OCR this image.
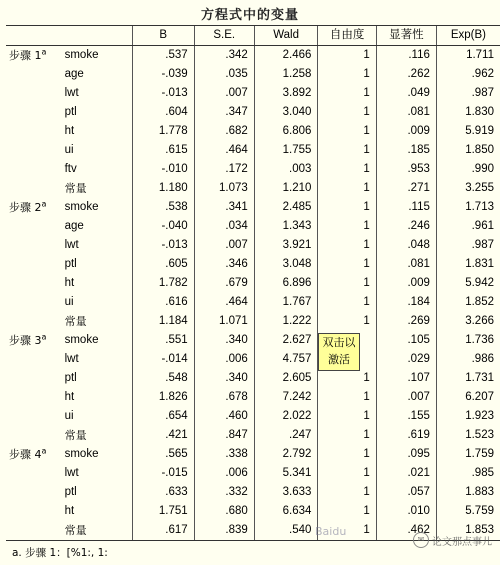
方程式中的变量
		B	S.E.	Wald	自由度	显著性	Exp(B)
步骤 1$^a$	smoke	.537	.342	2.466	1	.116	1.711
	age	-.039	.035	1.258	1	.262	.962
	lwt	-.013	.007	3.892	1	.049	.987
	ptl	.604	.347	3.040	1	.081	1.830
	ht	1.778	.682	6.806	1	.009	5.919
	ui	.615	.464	1.755	1	.185	1.850
	ftv	-.010	.172	.003	1	.953	.990
	常量	1.180	1.073	1.210	1	.271	3.255
步骤 2$^a$	smoke	.538	.341	2.485	1	.115	1.713
	age	-.040	.034	1.343	1	.246	.961
	lwt	-.013	.007	3.921	1	.048	.987
	ptl	.605	.346	3.048	1	.081	1.831
	ht	1.782	.679	6.896	1	.009	5.942
	ui	.616	.464	1.767	1	.184	1.852
	常量	1.184	1.071	1.222	1	.269	3.266
步骤 3$^a$	smoke	.551	.340	2.627		.105	1.736
	lwt	-.014	.006	4.757		.029	.986
	ptl	.548	.340	2.605	1	.107	1.731
	ht	1.826	.678	7.242	1	.007	6.207
	ui	.654	.460	2.022	1	.155	1.923
	常量	.421	.847	.247	1	.619	1.523
步骤 4$^a$	smoke	.565	.338	2.792	1	.095	1.759
	lwt	-.015	.006	5.341	1	.021	.985
	ptl	.633	.332	3.633	1	.057	1.883
	ht	1.751	.680	6.634	1	.010	5.759
	常量	.617	.839	.540	1	.462	1.853
双击以
激活
Baidu
a. 步骤 1：[%1:, 1:
✉ 论文那点事儿
